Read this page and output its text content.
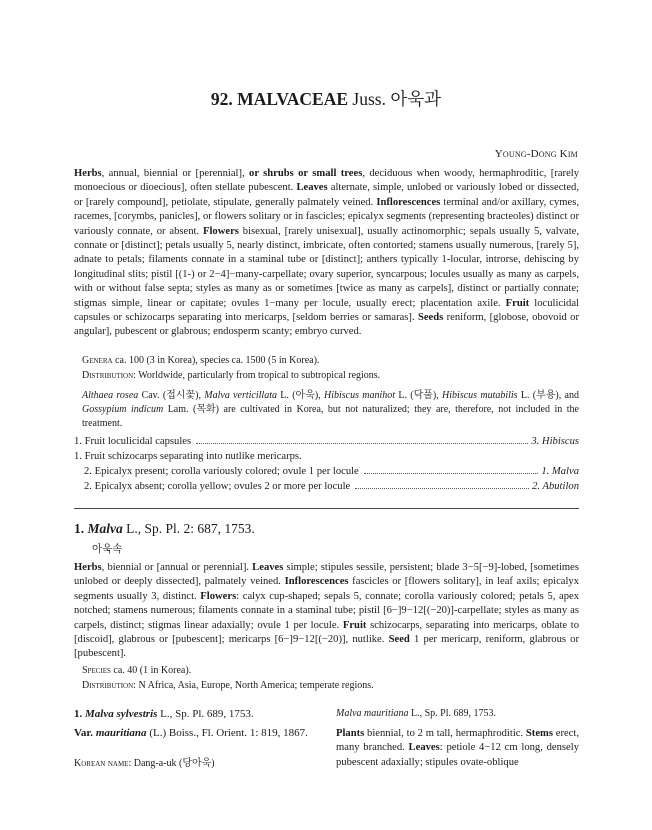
92. MALVACEAE Juss. 아욱과
Young-Dong Kim
Herbs, annual, biennial or [perennial], or shrubs or small trees, deciduous when woody, hermaphroditic, [rarely monoecious or dioecious], often stellate pubescent. Leaves alternate, simple, unlobed or variously lobed or dissected, or [rarely compound], petiolate, stipulate, generally palmately veined. Inflorescences terminal and/or axillary, cymes, racemes, [corymbs, panicles], or flowers solitary or in fascicles; epicalyx segments (representing bracteoles) distinct or variously connate, or absent. Flowers bisexual, [rarely unisexual], usually actinomorphic; sepals usually 5, valvate, connate or [distinct]; petals usually 5, nearly distinct, imbricate, often contorted; stamens usually numerous, [rarely 5], adnate to petals; filaments connate in a staminal tube or [distinct]; anthers typically 1-locular, introrse, dehiscing by longitudinal slits; pistil [(1-) or 2−4]−many-carpellate; ovary superior, syncarpous; locules usually as many as carpels, with or without false septa; styles as many as or sometimes [twice as many as carpels], distinct or partially connate; stigmas simple, linear or capitate; ovules 1−many per locule, usually erect; placentation axile. Fruit loculicidal capsules or schizocarps separating into mericarps, [seldom berries or samaras]. Seeds reniform, [globose, obovoid or angular], pubescent or glabrous; endosperm scanty; embryo curved.
Genera ca. 100 (3 in Korea), species ca. 1500 (5 in Korea).
Distribution: Worldwide, particularly from tropical to subtropical regions.
Althaea rosea Cav. (접시꽃), Malva verticillata L. (아욱), Hibiscus manihot L. (닥풀), Hibiscus mutabilis L. (부용), and Gossypium indicum Lam. (목화) are cultivated in Korea, but not naturalized; they are, therefore, not included in the treatment.
1. Fruit loculicidal capsules	3. Hibiscus
1. Fruit schizocarps separating into nutlike mericarps.
2. Epicalyx present; corolla variously colored; ovule 1 per locule	1. Malva
2. Epicalyx absent; corolla yellow; ovules 2 or more per locule	2. Abutilon
1. Malva L., Sp. Pl. 2: 687, 1753.
아욱속
Herbs, biennial or [annual or perennial]. Leaves simple; stipules sessile, persistent; blade 3−5[−9]-lobed, [sometimes unlobed or deeply dissected], palmately veined. Inflorescences fascicles or [flowers solitary], in leaf axils; epicalyx segments usually 3, distinct. Flowers: calyx cup-shaped; sepals 5, connate; corolla variously colored; petals 5, apex notched; stamens numerous; filaments connate in a staminal tube; pistil [6−]9−12[(−20)]-carpellate; styles as many as carpels, distinct; stigmas linear adaxially; ovule 1 per locule. Fruit schizocarps, separating into mericarps, oblate to [discoid], glabrous or [pubescent]; mericarps [6−]9−12[(−20)], nutlike. Seed 1 per mericarp, reniform, glabrous or [pubescent].
Species ca. 40 (1 in Korea).
Distribution: N Africa, Asia, Europe, North America; temperate regions.
1. Malva sylvestris L., Sp. Pl. 689, 1753.
Var. mauritiana (L.) Boiss., Fl. Orient. 1: 819, 1867.
Korean name: Dang-a-uk (당아욱)
Malva mauritiana L., Sp. Pl. 689, 1753.
Plants biennial, to 2 m tall, hermaphroditic. Stems erect, many branched. Leaves: petiole 4−12 cm long, densely pubescent adaxially; stipules ovate-oblique
